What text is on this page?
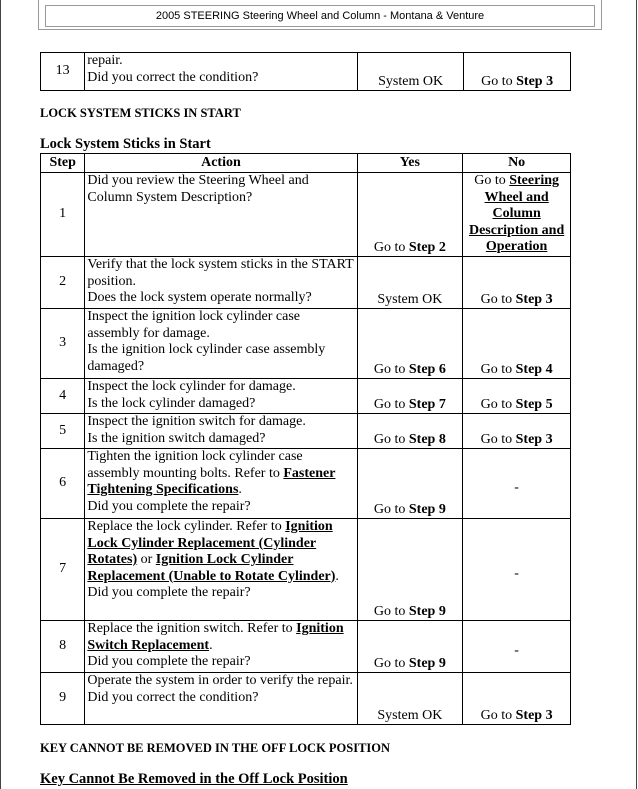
2005 STEERING Steering Wheel and Column - Montana & Venture
13	repair.
Did you correct the condition?	System OK	Go to Step 3
LOCK SYSTEM STICKS IN START
Lock System Sticks in Start
Step	Action	Yes	No
1	Did you review the Steering Wheel and Column System Description?	Go to Step 2	Go to Steering Wheel and Column Description and Operation
2	Verify that the lock system sticks in the START position.
Does the lock system operate normally?	System OK	Go to Step 3
3	Inspect the ignition lock cylinder case assembly for damage.
Is the ignition lock cylinder case assembly damaged?	Go to Step 6	Go to Step 4
4	Inspect the lock cylinder for damage.
Is the lock cylinder damaged?	Go to Step 7	Go to Step 5
5	Inspect the ignition switch for damage.
Is the ignition switch damaged?	Go to Step 8	Go to Step 3
6	Tighten the ignition lock cylinder case assembly mounting bolts. Refer to Fastener Tightening Specifications.
Did you complete the repair?	Go to Step 9	-
7	Replace the lock cylinder. Refer to Ignition Lock Cylinder Replacement (Cylinder Rotates) or Ignition Lock Cylinder Replacement (Unable to Rotate Cylinder).
Did you complete the repair?	Go to Step 9	-
8	Replace the ignition switch. Refer to Ignition Switch Replacement.
Did you complete the repair?	Go to Step 9	-
9	Operate the system in order to verify the repair.
Did you correct the condition?	System OK	Go to Step 3
KEY CANNOT BE REMOVED IN THE OFF LOCK POSITION
Key Cannot Be Removed in the Off Lock Position
